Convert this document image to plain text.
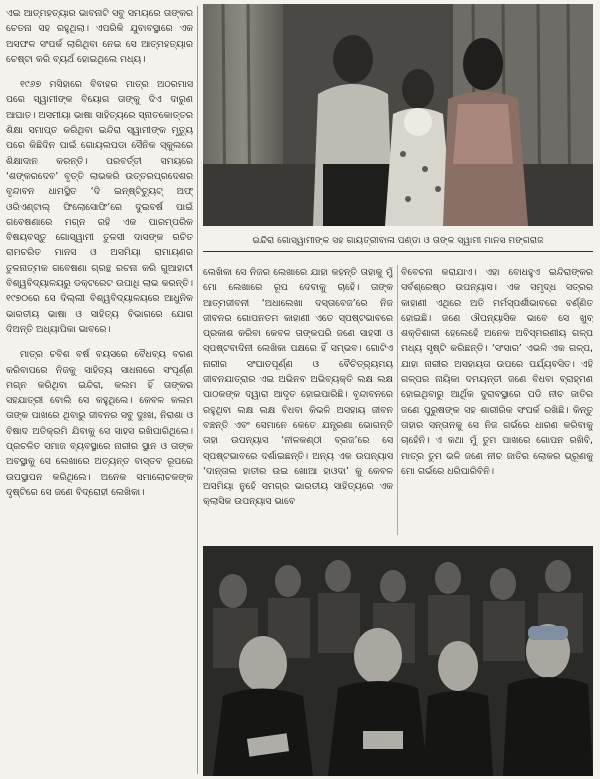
ଏଇ ଆତ୍ମହତ୍ୟାର ଭାବନାଟି ସବୁ ସମୟରେ ତାଙ୍କର ଚେତନା ସହ ରହୁଥିଲା। ଏପରିକି ଯୁବାବସ୍ଥାରେ ଏକ ଅସଫଳ ସଂପର୍କ ଲାଗିଥିବା ନେଇ ସେ ଆତ୍ମହତ୍ୟାର ଚେଷ୍ଟା କରି ବ୍ୟର୍ଥ ହୋଇଥିଲେ ମଧ୍ୟ।

୧୯୬୭ ମସିହାରେ ବିବାହର ମାତ୍ର ଅଠରମାସ ପରେ ସ୍ୱାମୀଙ୍କ ବିୟୋଗ ତାଙ୍କୁ ଦିଏ ଦାରୁଣ ଆଘାତ। ଅସମୀୟା ଭାଷା ସାହିତ୍ୟରେ ସ୍ନାତକୋତ୍ତର ଶିକ୍ଷା ସମାପ୍ତ କରିଥିବା ଇନ୍ଦିରା ସ୍ୱାମୀଙ୍କ ମୃତ୍ୟୁ ପରେ କିଛିଦିନ ପାଇଁ ଗୋୟଲପଡା ସୈନିକ ସ୍କୁଲରେ ଶିକ୍ଷାଦାନ କରନ୍ତି। ପରବର୍ତ୍ତୀ ସମୟରେ ‘ଶଙ୍କରଦେବ’ ବୃତ୍ତି ଲାଭକରି ଉତ୍ତରପ୍ରଦେଶର ବୃନ୍ଦାବନ ଧାମସ୍ଥିତ ‘ଦି ଇନ୍‌ଷ୍ଟିଚ୍ୟୁଟ୍ ଅଫ୍ ଓରିଏଣ୍ଟାଲ୍ ଫିଲୋସୋଫି’ରେ ଦୁଇବର୍ଷ ପାଇଁ ଗବେଷଣାରେ ମଗ୍ନ ରହି ଏକ ପାରମ୍ପରିକ ବିଷୟବସ୍ତୁ ଗୋସ୍ୱାମୀ ତୁଳସୀ ଦାସଙ୍କ ରଚିତ ରାମଚରିତ ମାନସ ଓ ଅସମିୟା ରାମାୟଣର ତୁଳନାତ୍ମକ ଗବେଷଣା ଗ୍ରନ୍ଥ ରଚନା କରି ଗୁଆହାଟୀ ବିଶ୍ୱବିଦ୍ୟାଳୟରୁ ଡକ୍ଟରେଟ ଉପାଧି ଲାଭ କରନ୍ତି। ୧୯୭୦ରେ ସେ ଦିଲ୍ଲୀ ବିଶ୍ୱବିଦ୍ୟାଳୟରେ ଆଧୁନିକ ଭାରତୀୟ ଭାଷା ଓ ସାହିତ୍ୟ ବିଭାଗରେ ଯୋଗ ଦିଅନ୍ତି ଅଧ୍ୟାପିକା ଭାବରେ।

ମାତ୍ର ଚବିଶ ବର୍ଷ ବୟସରେ ବୈଧବ୍ୟ ବରଣ କରିବାପରେ ନିଜକୁ ସାହିତ୍ୟ ସାଧନାରେ ସଂପୂର୍ଣ୍ଣ ମଗ୍ନ କରିଥିବା ଇନ୍ଦିରା, କଲମ ହିଁ ତାଙ୍କର ସହଯାତ୍ରୀ ବୋଲି ସେ କହୁଥିଲେ। କେବଳ କଲମ ତାଙ୍କ ପାଖରେ ଥିବାରୁ ଜୀବନର ସବୁ ଦୁଃଖ, ନିରାଶା ଓ ବିଷାଦ ଅତିକ୍ରମି ଯିବାକୁ ସେ ସାହସ ରଖିପାରିଥିଲେ। ପ୍ରଚଳିତ ସମାଜ ବ୍ୟବସ୍ଥାରେ ନାରୀର ସ୍ଥାନ ଓ ତାଙ୍କ ଅବସ୍ଥାକୁ ସେ ଲେଖାରେ ଅତ୍ୟନ୍ତ ବାସ୍ତବ ରୂପରେ ଉପସ୍ଥାପନ କରିଥିଲେ। ଅନେକ ସମାଲୋଚକଙ୍କ ଦୃଷ୍ଟିରେ ସେ ଜଣେ ବିଦ୍ରୋହୀ ଲେଖିକା।

ଇନ୍ଦିରା ଗୋସ୍ୱାମୀଙ୍କ ସହ ଗାୟତ୍ରୀବାଳା ପଣ୍ଡା ଓ ତାଙ୍କ ସ୍ୱାମୀ ମାନସ ମଙ୍ଗରାଜ

ଲେଖିକା ସେ ନିଜର ଲେଖାରେ ଯାହା କହନ୍ତି ତାହାକୁ ମୁଁ ମୋ ଲେଖାରେ ରୂପ ଦେବାକୁ ଚାହେଁ। ତାଙ୍କ ଆତ୍ମଜୀବନୀ ‘ଅଧାଲେଖା ଦସ୍ତାବେଜ’ରେ ନିଜ ଜୀବନର ଗୋପନତମ କାହାଣୀ ଏତେ ସ୍ପଷ୍ଟଭାବରେ ପ୍ରକାଶ କରିବା କେବଳ ତାଙ୍କପରି ଜଣେ ସାହସୀ ଓ ସ୍ପଷ୍ଟବାଦିନୀ ଲେଖିକା ପକ୍ଷରେ ହିଁ ସମ୍ଭବ। ଗୋଟିଏ ନାରୀର ସଂଘାତପୂର୍ଣ୍ଣ ଓ ବୈଚିତ୍ର୍ୟମୟ ଜୀବନଯାତ୍ରାର ଏଇ ଅଭିନବ ଅଭିବ୍ୟକ୍ତି ଲକ୍ଷ ଲକ୍ଷ ପାଠକଙ୍କ ଦ୍ୱାରା ଆଦୃତ ହୋଇପାରିଛି। ବୃନ୍ଦାବନରେ ରହୁଥିବା ଲକ୍ଷ ଲକ୍ଷ ବିଧବା କିଭଳି ଅସହାୟ ଜୀବନ ବଞ୍ଚନ୍ତି ଏବଂ ସେମାନେ କେତେ ଯନ୍ତ୍ରଣା ଭୋଗନ୍ତି ତାହା ଉପନ୍ୟାସ ‘ନୀଳକଣ୍ଠୀ ବ୍ରଜ’ରେ ସେ ସ୍ପଷ୍ଟଭାବରେ ଦର୍ଶାଇଛନ୍ତି। ଅନ୍ୟ ଏକ ଉପନ୍ୟାସ ‘ଦାନ୍ତାଲ ହାତୀର ଉଇ ଖୋଆ ହାଓଦା’ କୁ କେବଳ ଅସମିୟା ନୁହେଁ ସମଗ୍ର ଭାରତୀୟ ସାହିତ୍ୟରେ ଏକ କ୍ଲାସିକ ଉପନ୍ୟାସ ଭାବେ

ବିବେଚନା କରାଯାଏ। ଏହା ବୋଧହୁଏ ଇନ୍ଦିରାଙ୍କର ସର୍ବଶ୍ରେଷ୍ଠ ଉପନ୍ୟାସ। ଏକ ସମୃଦ୍ଧ ସତ୍ରର କାହାଣୀ ଏଥିରେ ଅତି ମର୍ମସ୍ପର୍ଶୀଭାବରେ ବର୍ଣ୍ଣିତ ହୋଇଛି। ଜଣେ ଔପନ୍ୟାସିକ ଭାବେ ସେ ଖୁବ୍ ଶକ୍ତିଶାଳୀ ହେଲେହେଁ ଅନେକ ଅବିସ୍ମରଣୀୟ ଗଳ୍ପ ମଧ୍ୟ ସୃଷ୍ଟି କରିଛନ୍ତି। ‘ସଂସାର’ ଏଭଳି ଏକ ଗଳ୍ପ, ଯାହା ନାରୀର ଅସହାୟତା ଉପରେ ପର୍ଯ୍ୟବସିତ। ଏହି ଗଳ୍ପର ନାୟିକା ଦମୟନ୍ତୀ ଜଣେ ବିଧବା ବ୍ରାହ୍ମଣ ହୋଇଥିବାରୁ ଆର୍ଥିକ ଦୁରାବସ୍ଥାରେ ପଡି ନୀଚ ଜାତିର ଜଣେ ପୁରୁଷଙ୍କ ସହ ଶାରୀରିକ ସଂପର୍କ ରଖିଛି। କିନ୍ତୁ ତାହାର ସନ୍ତାନକୁ ସେ ନିଜ ଗର୍ଭରେ ଧାରଣ କରିବାକୁ ଚାହେଁନି। ଏ କଥା ମୁଁ ତୁମ ପାଖରେ ଗୋପନ ରଖିବି, ମାତ୍ର ତୁମ ଭଳି ଜଣେ ନୀଚ ଜାତିର ଲୋକର ଭ୍ରୂଣକୁ ମୋ ଗର୍ଭରେ ଧରିପାରିବିନି।
